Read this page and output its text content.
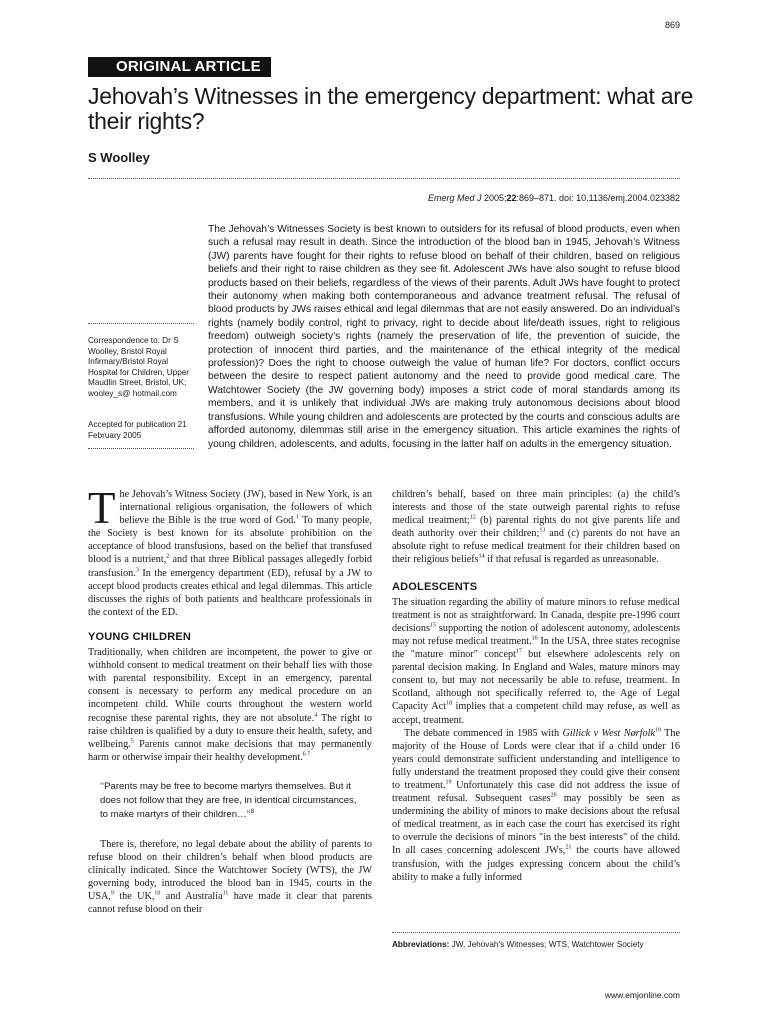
869
ORIGINAL ARTICLE
Jehovah’s Witnesses in the emergency department: what are their rights?
S Woolley
Emerg Med J 2005;22:869–871. doi: 10.1136/emj.2004.023382

The Jehovah’s Witnesses Society is best known to outsiders for its refusal of blood products, even when such a refusal may result in death. Since the introduction of the blood ban in 1945, Jehovah’s Witness (JW) parents have fought for their rights to refuse blood on behalf of their children, based on religious beliefs and their right to raise children as they see fit. Adolescent JWs have also sought to refuse blood products based on their beliefs, regardless of the views of their parents. Adult JWs have fought to protect their autonomy when making both contemporaneous and advance treatment refusal. The refusal of blood products by JWs raises ethical and legal dilemmas that are not easily answered. Do an individual’s rights (namely bodily control, right to privacy, right to decide about life/death issues, right to religious freedom) outweigh society’s rights (namely the preservation of life, the prevention of suicide, the protection of innocent third parties, and the maintenance of the ethical integrity of the medical profession)? Does the right to choose outweigh the value of human life? For doctors, conflict occurs between the desire to respect patient autonomy and the need to provide good medical care. The Watchtower Society (the JW governing body) imposes a strict code of moral standards among its members, and it is unlikely that individual JWs are making truly autonomous decisions about blood transfusions. While young children and adolescents are protected by the courts and conscious adults are afforded autonomy, dilemmas still arise in the emergency situation. This article examines the rights of young children, adolescents, and adults, focusing in the latter half on adults in the emergency situation.

Correspondence to: Dr S Woolley, Bristol Royal Infirmary/Bristol Royal Hospital for Children, Upper Maudlin Street, Bristol, UK; wooley_s@ hotmail.com
Accepted for publication 21 February 2005

The Jehovah’s Witness Society (JW), based in New York, is an international religious organisation, the followers of which believe the Bible is the true word of God.$^1$ To many people, the Society is best known for its absolute prohibition on the acceptance of blood transfusions, based on the belief that transfused blood is a nutrient,$^2$ and that three Biblical passages allegedly forbid transfusion.$^3$ In the emergency department (ED), refusal by a JW to accept blood products creates ethical and legal dilemmas. This article discusses the rights of both patients and healthcare professionals in the context of the ED.

YOUNG CHILDREN

Traditionally, when children are incompetent, the power to give or withhold consent to medical treatment on their behalf lies with those with parental responsibility. Except in an emergency, parental consent is necessary to perform any medical procedure on an incompetent child. While courts throughout the western world recognise these parental rights, they are not absolute.$^4$ The right to raise children is qualified by a duty to ensure their health, safety, and wellbeing.$^5$ Parents cannot make decisions that may permanently harm or otherwise impair their healthy development.$^{6 7}$

‘‘Parents may be free to become martyrs themselves. But it does not follow that they are free, in identical circumstances, to make martyrs of their children…’’$^8$

There is, therefore, no legal debate about the ability of parents to refuse blood on their children’s behalf when blood products are clinically indicated. Since the Watchtower Society (WTS), the JW governing body, introduced the blood ban in 1945, courts in the USA,$^9$ the UK,$^{10}$ and Australia$^{11}$ have made it clear that parents cannot refuse blood on their

children’s behalf, based on three main principles: (a) the child’s interests and those of the state outweigh parental rights to refuse medical treatment;$^{12}$ (b) parental rights do not give parents life and death authority over their children;$^{13}$ and (c) parents do not have an absolute right to refuse medical treatment for their children based on their religious beliefs$^{14}$ if that refusal is regarded as unreasonable.

ADOLESCENTS

The situation regarding the ability of mature minors to refuse medical treatment is not as straightforward. In Canada, despite pre-1996 court decisions$^{15}$ supporting the notion of adolescent autonomy, adolescents may not refuse medical treatment.$^{16}$ In the USA, three states recognise the "mature minor" concept$^{17}$ but elsewhere adolescents rely on parental decision making. In England and Wales, mature minors may consent to, but may not necessarily be able to refuse, treatment. In Scotland, although not specifically referred to, the Age of Legal Capacity Act$^{18}$ implies that a competent child may refuse, as well as accept, treatment.

The debate commenced in 1985 with Gillick v West Nørfolk$^{19}$ The majority of the House of Lords were clear that if a child under 16 years could demonstrate sufficient understanding and intelligence to fully understand the treatment proposed they could give their consent to treatment.$^{19}$ Unfortunately this case did not address the issue of treatment refusal. Subsequent cases$^{20}$ may possibly be seen as undermining the ability of minors to make decisions about the refusal of medical treatment, as in each case the court has exercised its right to overrule the decisions of minors "in the best interests" of the child. In all cases concerning adolescent JWs,$^{21}$ the courts have allowed transfusion, with the judges expressing concern about the child’s ability to make a fully informed

Abbreviations: JW, Jehovah’s Witnesses; WTS, Watchtower Society
www.emjonline.com
